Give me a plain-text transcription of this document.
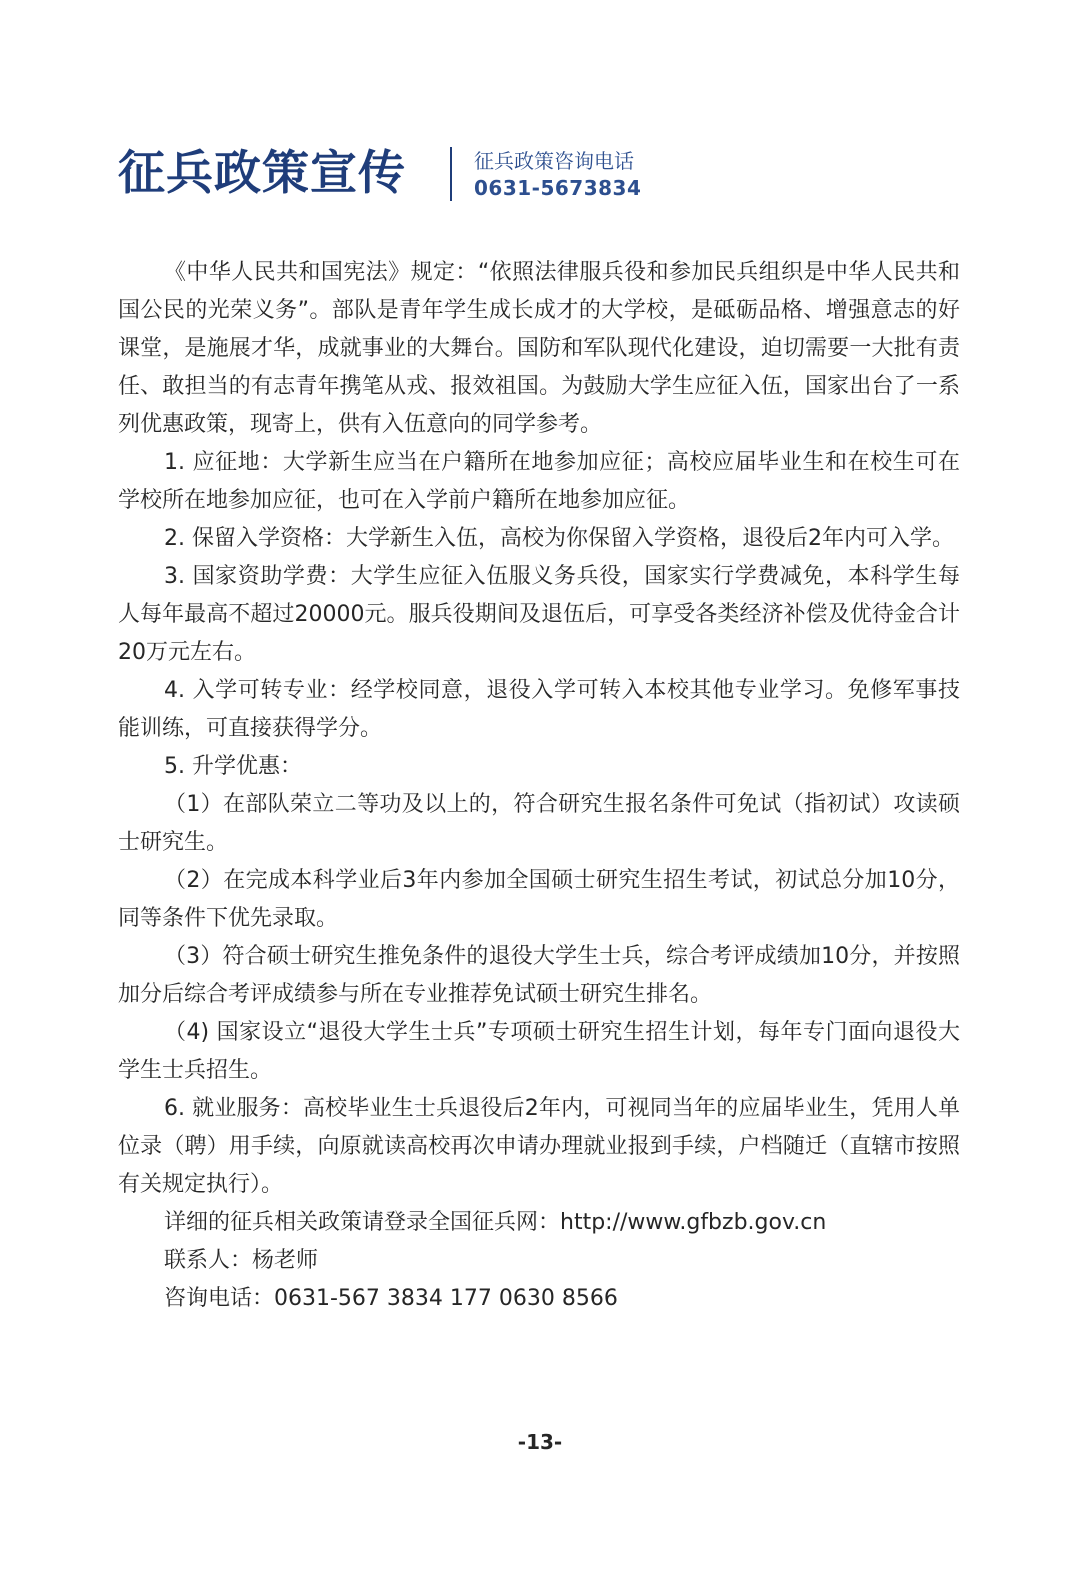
征兵政策宣传	征兵政策咨询电话
0631-5673834

《中华人民共和国宪法》规定：“依照法律服兵役和参加民兵组织是中华人民共和国公民的光荣义务”。部队是青年学生成长成才的大学校，是砥砺品格、增强意志的好课堂，是施展才华，成就事业的大舞台。国防和军队现代化建设，迫切需要一大批有责任、敢担当的有志青年携笔从戎、报效祖国。为鼓励大学生应征入伍，国家出台了一系列优惠政策，现寄上，供有入伍意向的同学参考。

1. 应征地：大学新生应当在户籍所在地参加应征；高校应届毕业生和在校生可在学校所在地参加应征，也可在入学前户籍所在地参加应征。

2. 保留入学资格：大学新生入伍，高校为你保留入学资格，退役后2年内可入学。

3. 国家资助学费：大学生应征入伍服义务兵役，国家实行学费减免，本科学生每人每年最高不超过20000元。服兵役期间及退伍后，可享受各类经济补偿及优待金合计20万元左右。

4. 入学可转专业：经学校同意，退役入学可转入本校其他专业学习。免修军事技能训练，可直接获得学分。

5. 升学优惠：

（1）在部队荣立二等功及以上的，符合研究生报名条件可免试（指初试）攻读硕士研究生。

（2）在完成本科学业后3年内参加全国硕士研究生招生考试，初试总分加10分， 同等条件下优先录取。

（3）符合硕士研究生推免条件的退役大学生士兵，综合考评成绩加10分，并按照加分后综合考评成绩参与所在专业推荐免试硕士研究生排名。

（4) 国家设立“退役大学生士兵”专项硕士研究生招生计划，每年专门面向退役大学生士兵招生。

6. 就业服务：高校毕业生士兵退役后2年内，可视同当年的应届毕业生，凭用人单位录（聘）用手续，向原就读高校再次申请办理就业报到手续，户档随迁（直辖市按照有关规定执行）。

详细的征兵相关政策请登录全国征兵网：http://www.gfbzb.gov.cn

联系人：杨老师

咨询电话：0631-567 3834 177 0630 8566

-13-
